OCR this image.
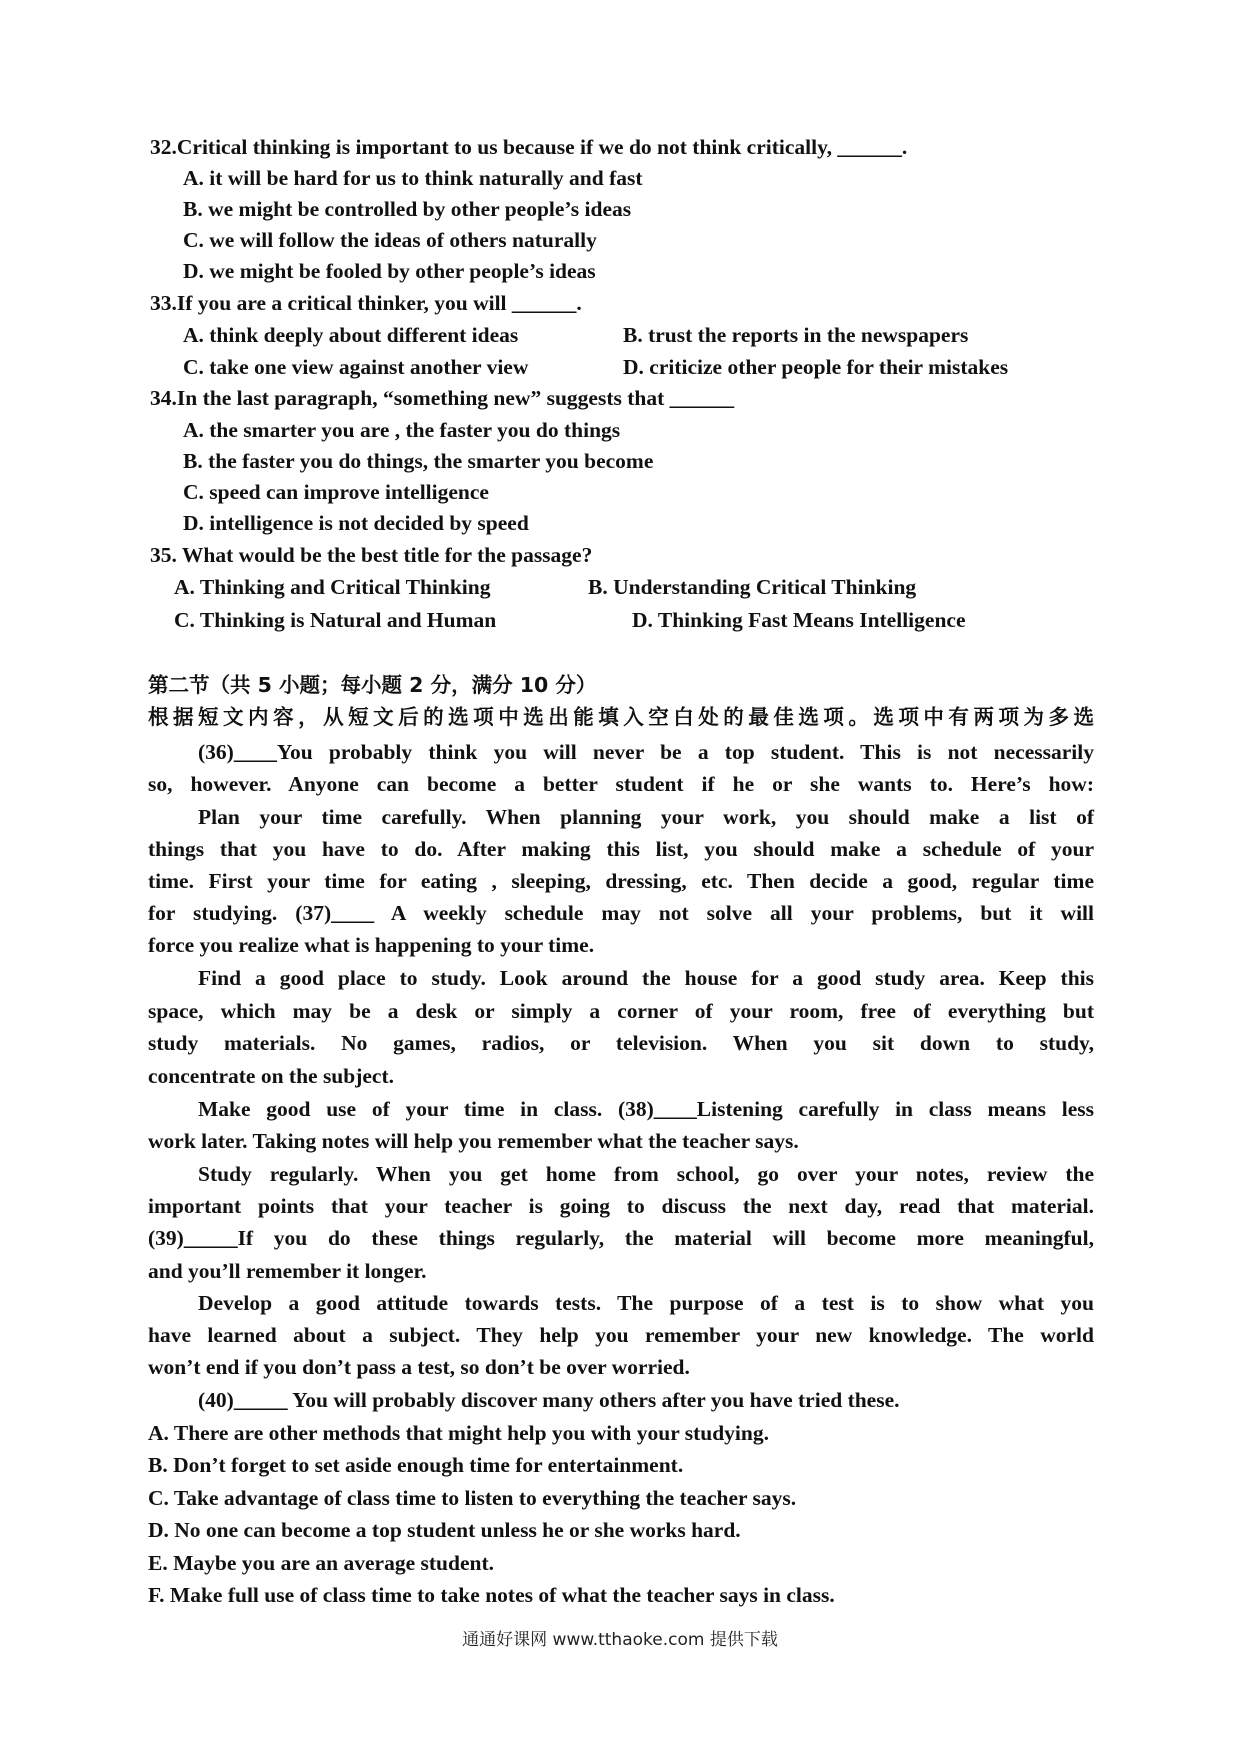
32.Critical thinking is important to us because if we do not think critically, ______.
A. it will be hard for us to think naturally and fast
B. we might be controlled by other people’s ideas
C. we will follow the ideas of others naturally
D. we might be fooled by other people’s ideas
33.If you are a critical thinker, you will ______.
A. think deeply about different ideas	B. trust the reports in the newspapers
C. take one view against another view	D. criticize other people for their mistakes
34.In the last paragraph, “something new” suggests that ______
A. the smarter you are , the faster you do things
B. the faster you do things, the smarter you become
C. speed can improve intelligence
D. intelligence is not decided by speed
35. What would be the best title for the passage?
A. Thinking and Critical Thinking	B. Understanding Critical Thinking
C. Thinking is Natural and Human	D. Thinking Fast Means Intelligence
第二节（共 5 小题；每小题 2 分，满分 10 分）
根据短文内容，从短文后的选项中选出能填入空白处的最佳选项。选项中有两项为多选
(36)____You probably think you will never be a top student. This is not necessarily
so, however. Anyone can become a better student if he or she wants to. Here’s how:
Plan your time carefully. When planning your work, you should make a list of
things that you have to do. After making this list, you should make a schedule of your
time. First your time for eating , sleeping, dressing, etc. Then decide a good, regular time
for studying. (37)____ A weekly schedule may not solve all your problems, but it will
force you realize what is happening to your time.
Find a good place to study. Look around the house for a good study area. Keep this
space, which may be a desk or simply a corner of your room, free of everything but
study materials. No games, radios, or television. When you sit down to study,
concentrate on the subject.
Make good use of your time in class. (38)____Listening carefully in class means less
work later. Taking notes will help you remember what the teacher says.
Study regularly. When you get home from school, go over your notes, review the
important points that your teacher is going to discuss the next day, read that material.
(39)_____If you do these things regularly, the material will become more meaningful,
and you’ll remember it longer.
Develop a good attitude towards tests. The purpose of a test is to show what you
have learned about a subject. They help you remember your new knowledge. The world
won’t end if you don’t pass a test, so don’t be over worried.
(40)_____ You will probably discover many others after you have tried these.
A. There are other methods that might help you with your studying.
B. Don’t forget to set aside enough time for entertainment.
C. Take advantage of class time to listen to everything the teacher says.
D. No one can become a top student unless he or she works hard.
E. Maybe you are an average student.
F. Make full use of class time to take notes of what the teacher says in class.
通通好课网 www.tthaoke.com 提供下载
